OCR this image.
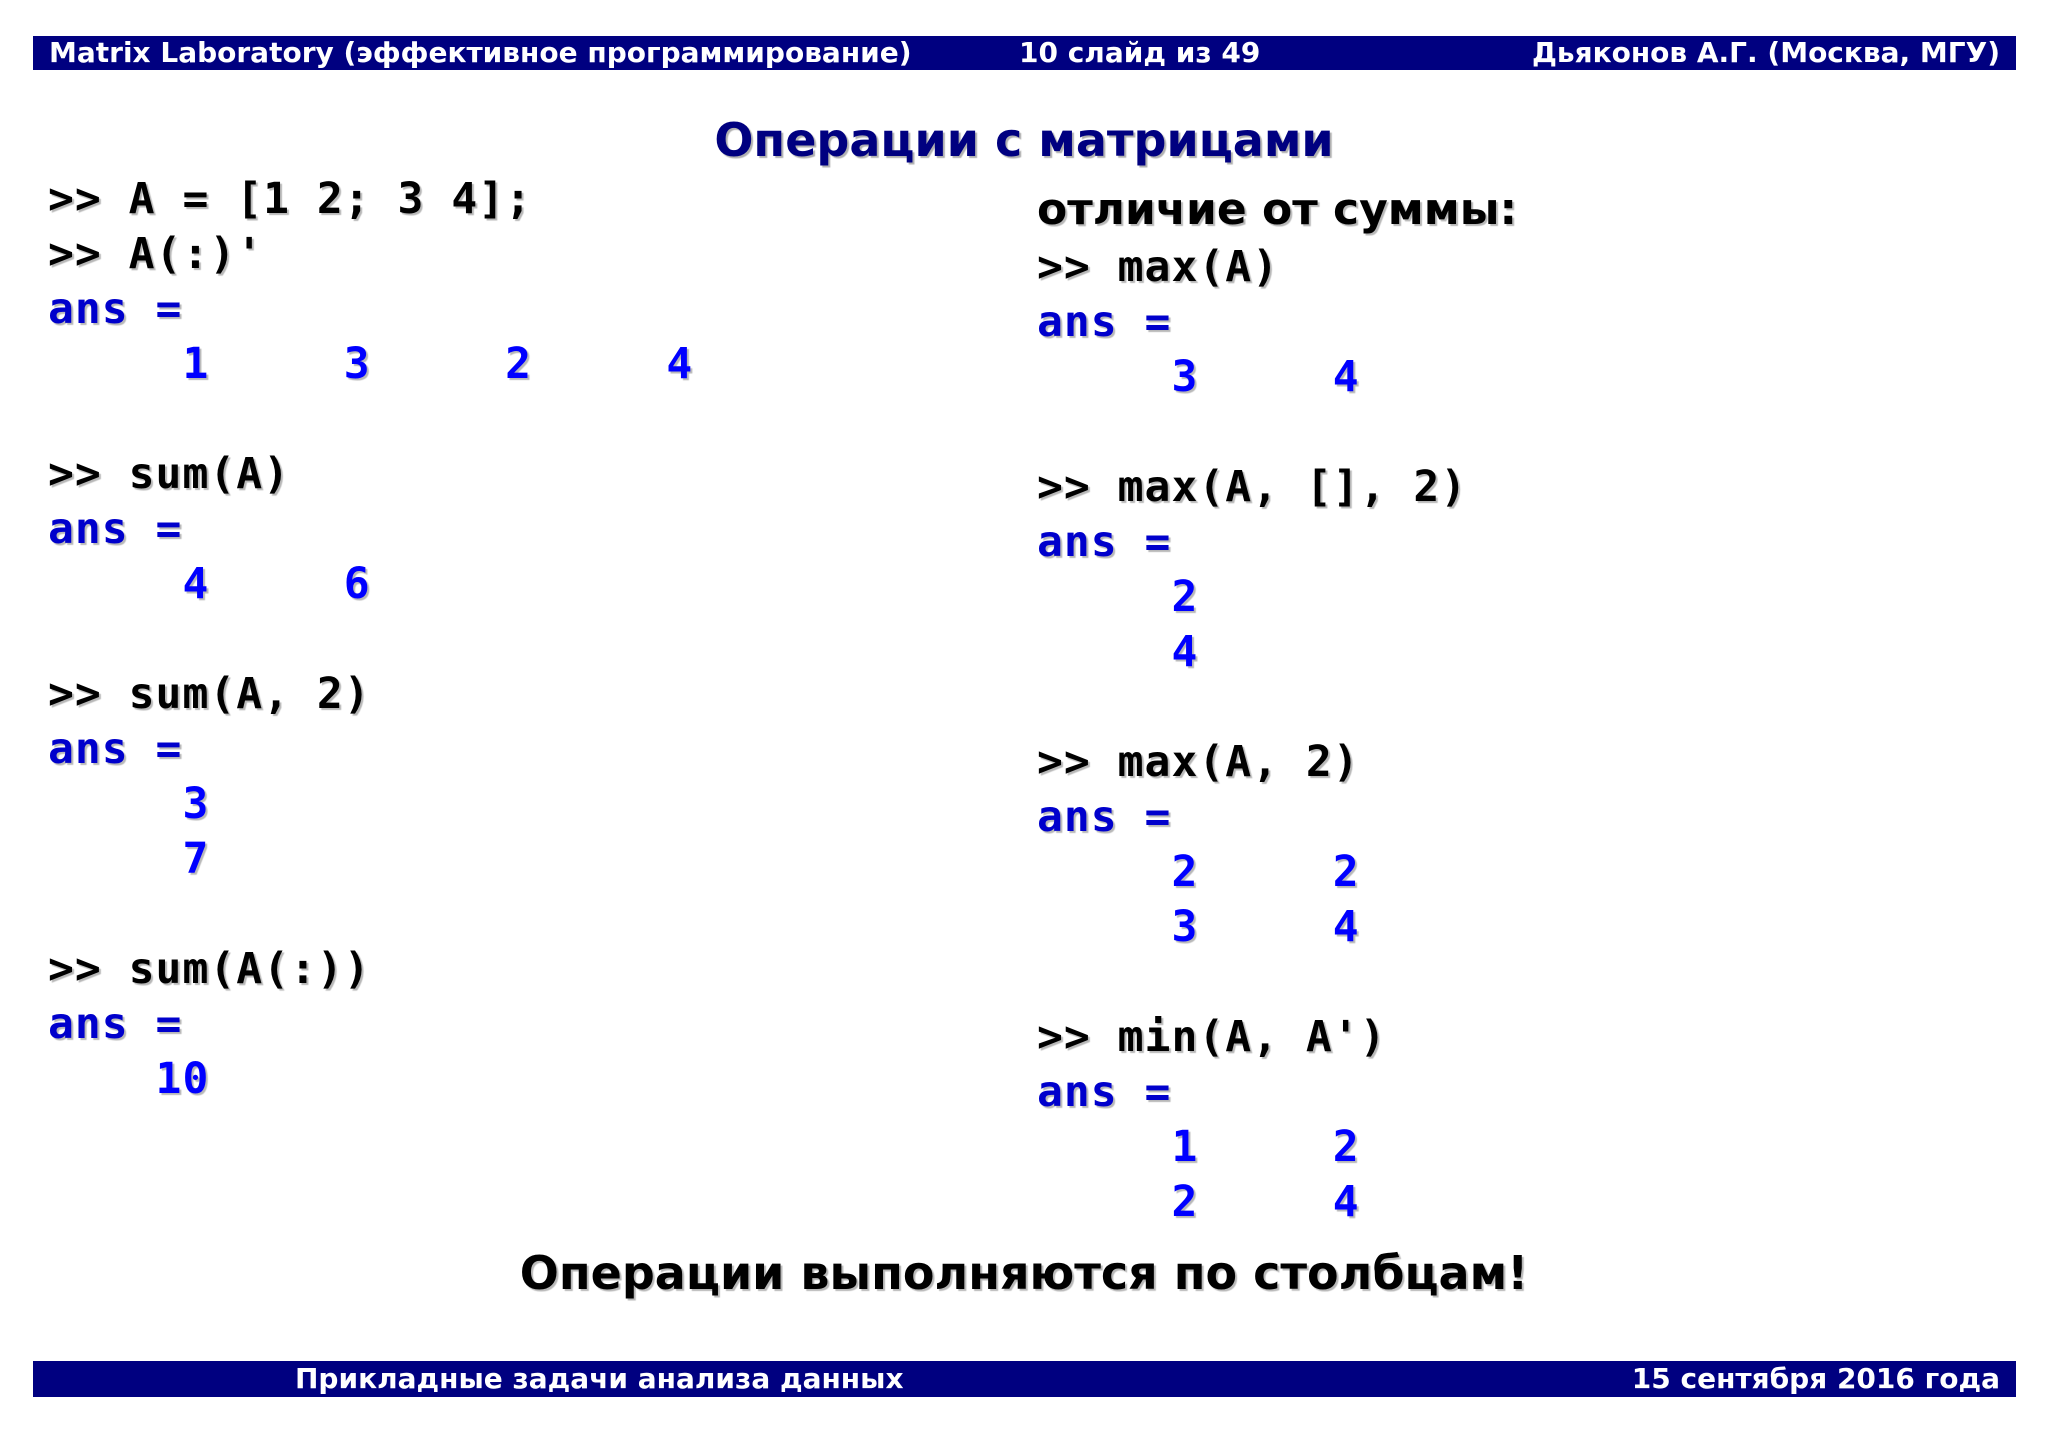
Matrix Laboratory (эффективное программирование)	10 слайд из 49	Дьяконов А.Г. (Москва, МГУ)
Операции с матрицами
>> A = [1 2; 3 4];
>> A(:)'
ans =
1     3     2     4
>> sum(A)
ans =
4     6
>> sum(A, 2)
ans =
3
7
>> sum(A(:))
ans =
10
отличие от суммы:
>> max(A)
ans =
3     4
>> max(A, [], 2)
ans =
2
4
>> max(A, 2)
ans =
2     2
3     4
>> min(A, A')
ans =
1     2
2     4
Операции выполняются по столбцам!
Прикладные задачи анализа данных	15 сентября 2016 года
